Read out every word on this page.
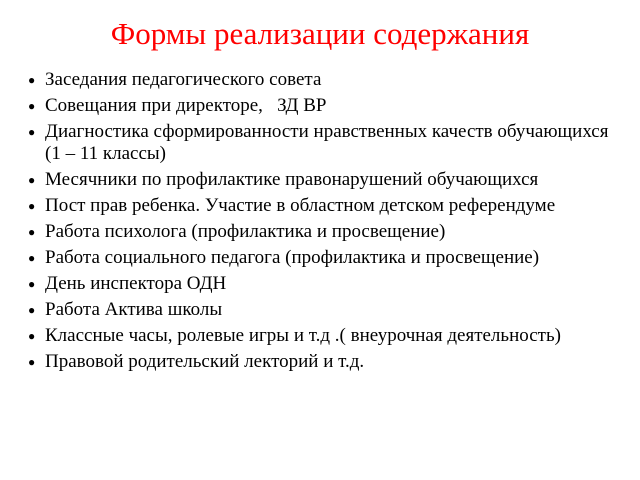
Формы реализации содержания
● Заседания педагогического совета
● Совещания при директоре,   ЗД ВР
● Диагностика сформированности нравственных качеств обучающихся (1 – 11 классы)
● Месячники по профилактике правонарушений обучающихся
● Пост прав ребенка. Участие в областном детском референдуме
● Работа психолога (профилактика и просвещение)
● Работа социального педагога (профилактика и просвещение)
● День инспектора ОДН
● Работа Актива школы
● Классные часы, ролевые игры и т.д .( внеурочная деятельность)
● Правовой родительский лекторий и т.д.
